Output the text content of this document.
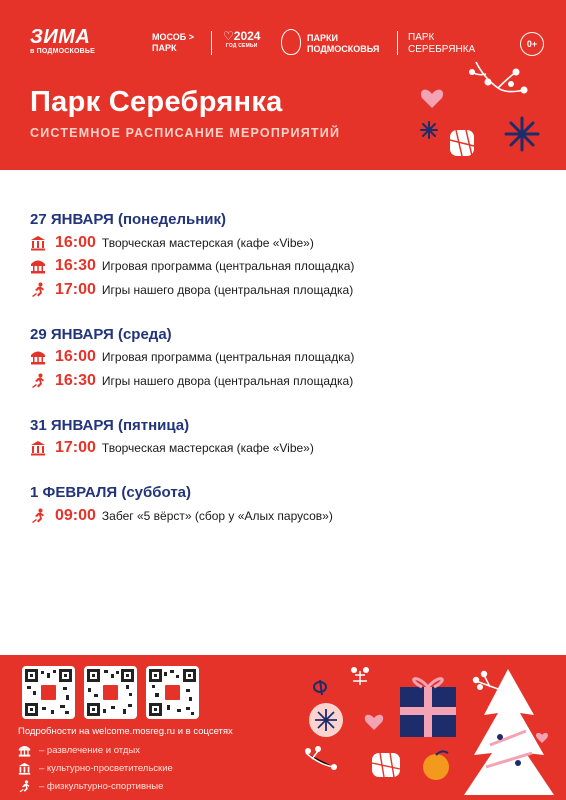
ЗИМА
в ПОДМОСКОВЬЕ
МОСОБ >
ПАРК
♡2024
ГОД СЕМЬИ
ПАРКИ
ПОДМОСКОВЬЯ
ПАРК
СЕРЕБРЯНКА	0+
Парк Серебрянка
СИСТЕМНОЕ РАСПИСАНИЕ МЕРОПРИЯТИЙ
27 ЯНВАРЯ (понедельник)
16:00 Творческая мастерская (кафе «Vibe»)
16:30 Игровая программа (центральная площадка)
17:00 Игры нашего двора (центральная площадка)
29 ЯНВАРЯ (среда)
16:00 Игровая программа (центральная площадка)
16:30 Игры нашего двора (центральная площадка)
31 ЯНВАРЯ (пятница)
17:00 Творческая мастерская (кафе «Vibe»)
1 ФЕВРАЛЯ (суббота)
09:00 Забег «5 вёрст» (сбор у «Алых парусов»)
Подробности на welcome.mosreg.ru и в соцсетях
– развлечение и отдых
– культурно-просветительские
– физкультурно-спортивные
